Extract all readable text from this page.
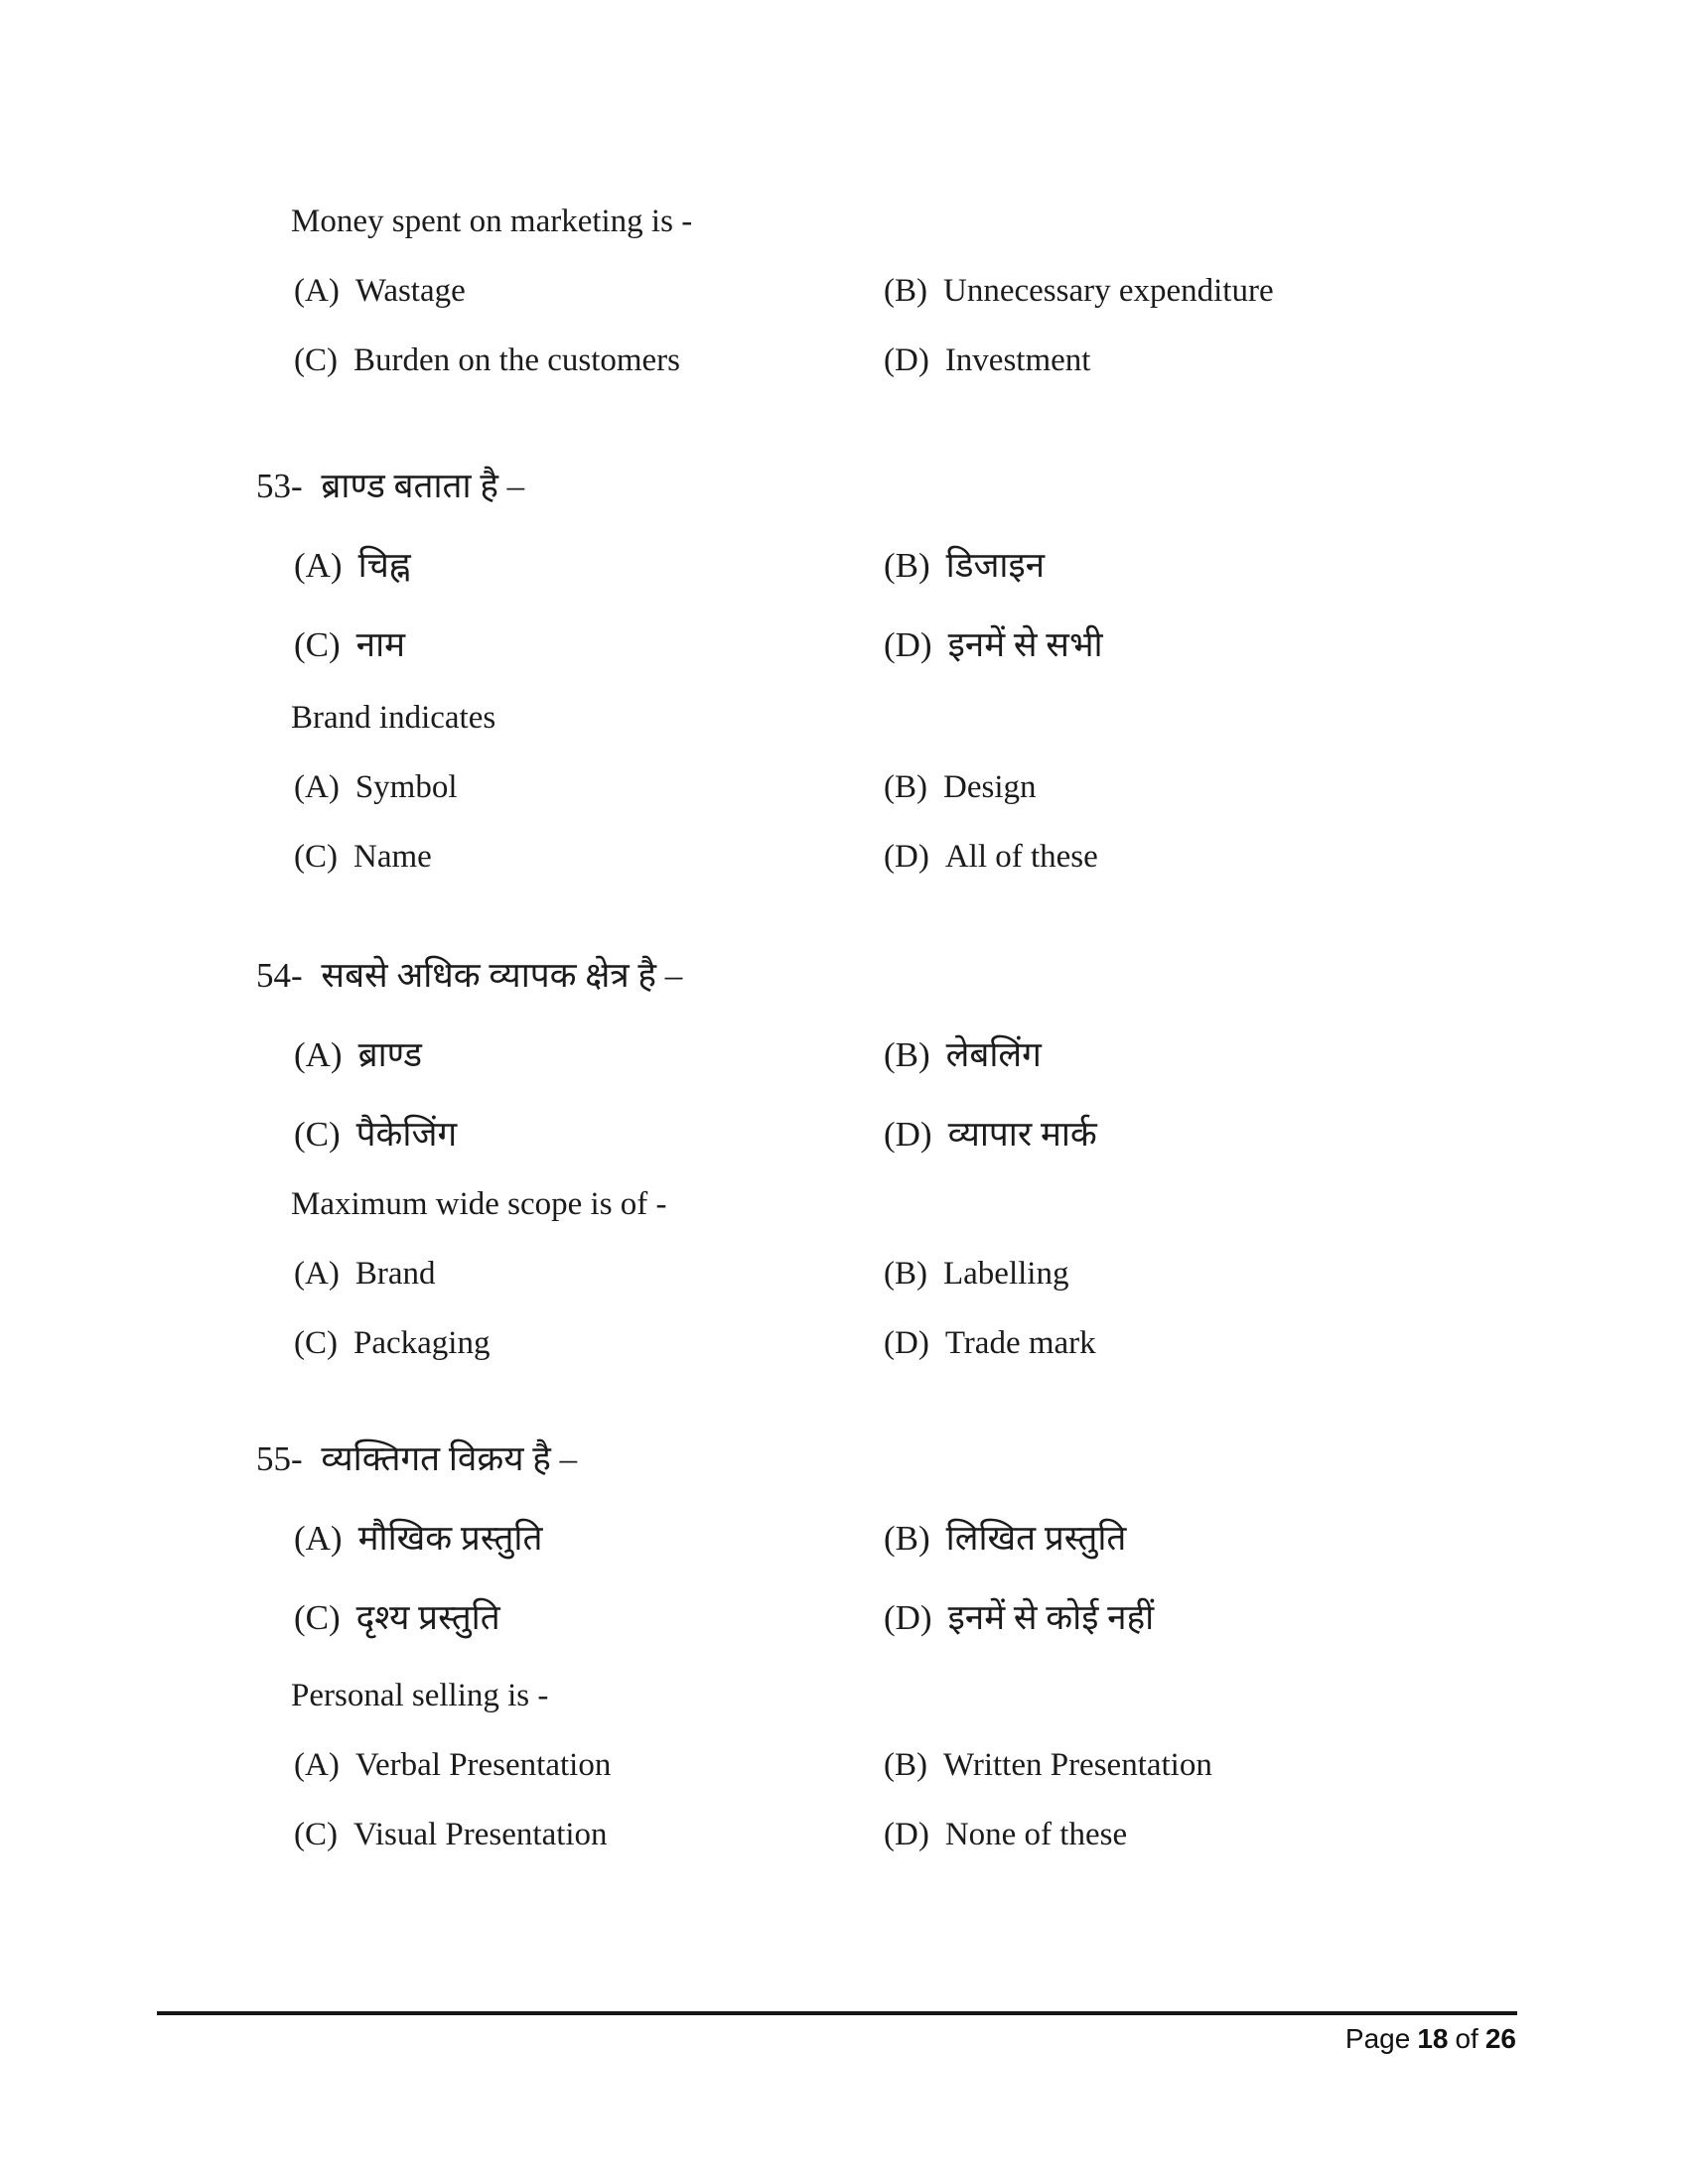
Money spent on marketing is -
(A) Wastage	(B) Unnecessary expenditure
(C) Burden on the customers	(D) Investment
53- ब्राण्ड बताता है –
(A) चिह्न	(B) डिजाइन
(C) नाम	(D) इनमें से सभी
Brand indicates
(A) Symbol	(B) Design
(C) Name	(D) All of these
54- सबसे अधिक व्यापक क्षेत्र है –
(A) ब्राण्ड	(B) लेबलिंग
(C) पैकेजिंग	(D) व्यापार मार्क
Maximum wide scope is of -
(A) Brand	(B) Labelling
(C) Packaging	(D) Trade mark
55- व्यक्तिगत विक्रय है –
(A) मौखिक प्रस्तुति	(B) लिखित प्रस्तुति
(C) दृश्य प्रस्तुति	(D) इनमें से कोई नहीं
Personal selling is -
(A) Verbal Presentation	(B) Written Presentation
(C) Visual Presentation	(D) None of these
Page 18 of 26
